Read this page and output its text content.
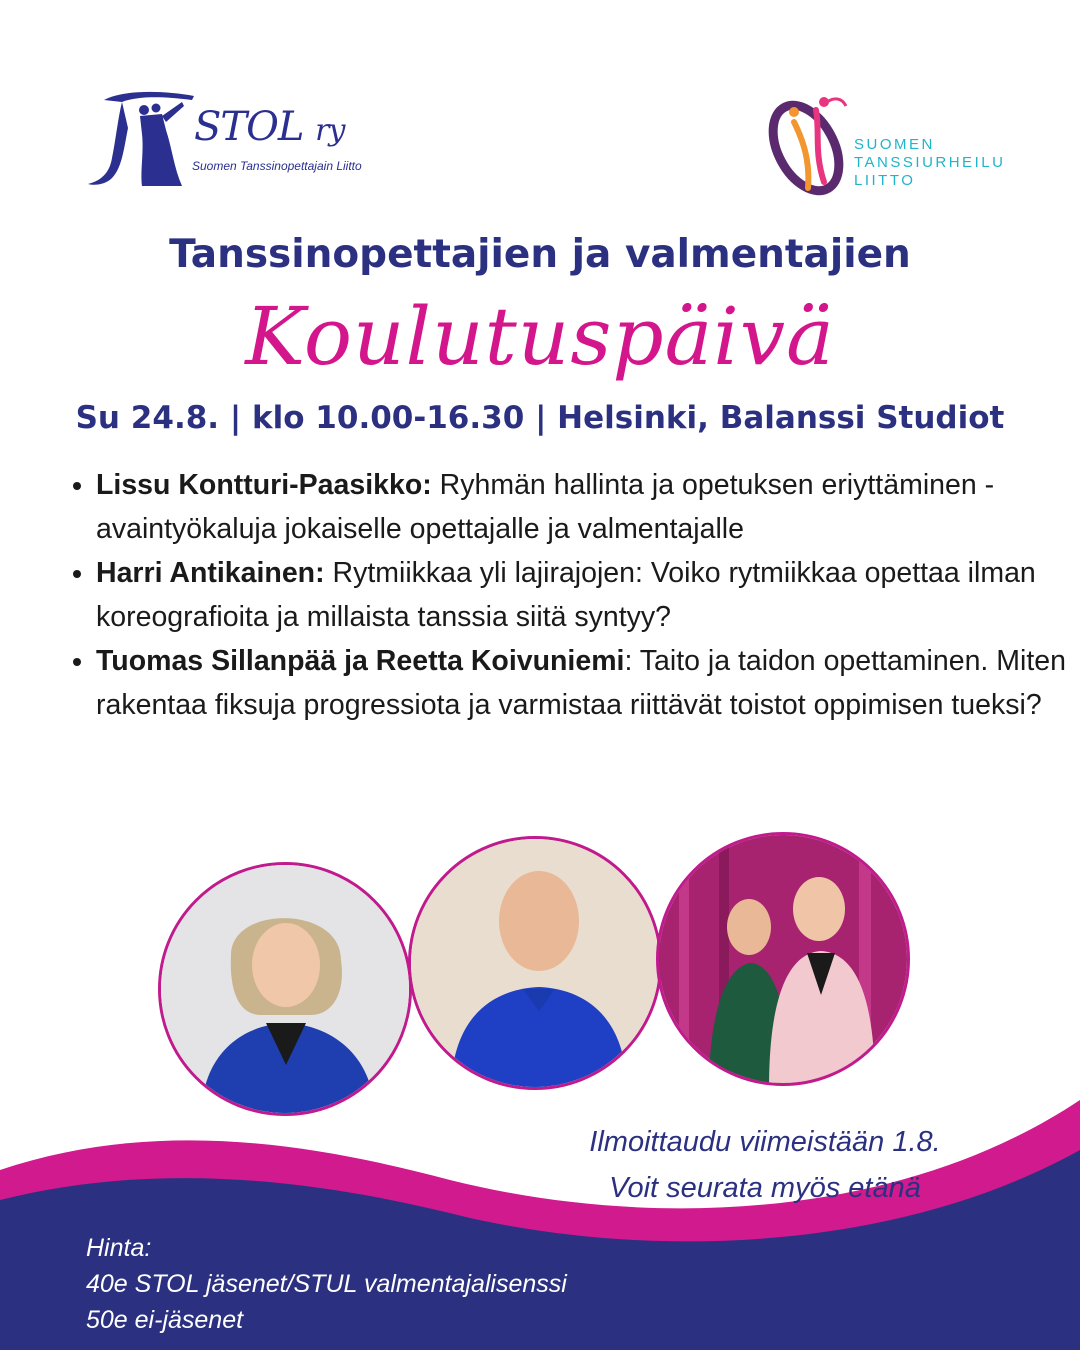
STOL ry
Suomen Tanssinopettajain Liitto
SUOMEN
TANSSIURHEILU
LIITTO
Tanssinopettajien ja valmentajien
Koulutuspäivä
Su 24.8. | klo 10.00-16.30 | Helsinki, Balanssi Studiot
• Lissu Kontturi-Paasikko: Ryhmän hallinta ja opetuksen eriyttäminen -avaintyökaluja jokaiselle opettajalle ja valmentajalle
• Harri Antikainen: Rytmiikkaa yli lajirajojen: Voiko rytmiikkaa opettaa ilman koreografioita ja millaista tanssia siitä syntyy?
• Tuomas Sillanpää ja Reetta Koivuniemi: Taito ja taidon opettaminen. Miten rakentaa fiksuja progressiota ja varmistaa riittävät toistot oppimisen tueksi?
Ilmoittaudu viimeistään 1.8.
Voit seurata myös etänä
Hinta:
40e STOL jäsenet/STUL valmentajalisenssi
50e ei-jäsenet
